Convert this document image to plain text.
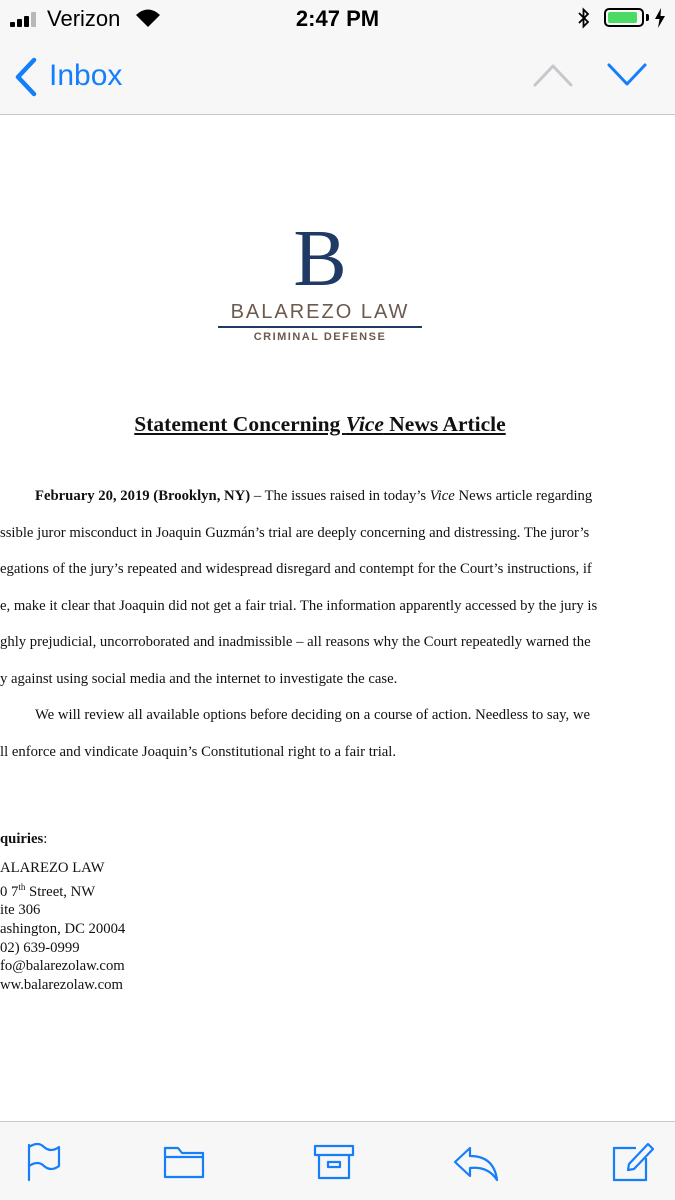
Verizon	2:47 PM
Inbox
B
BALAREZO LAW
CRIMINAL DEFENSE
Statement Concerning Vice News Article
February 20, 2019 (Brooklyn, NY) – The issues raised in today’s Vice News article regarding
ssible juror misconduct in Joaquin Guzmán’s trial are deeply concerning and distressing. The juror’s
egations of the jury’s repeated and widespread disregard and contempt for the Court’s instructions, if
e, make it clear that Joaquin did not get a fair trial. The information apparently accessed by the jury is
ghly prejudicial, uncorroborated and inadmissible – all reasons why the Court repeatedly warned the
y against using social media and the internet to investigate the case.
We will review all available options before deciding on a course of action. Needless to say, we
ll enforce and vindicate Joaquin’s Constitutional right to a fair trial.
quiries:
ALAREZO LAW
0 7th Street, NW
ite 306
ashington, DC 20004
02) 639-0999
fo@balarezolaw.com
ww.balarezolaw.com
